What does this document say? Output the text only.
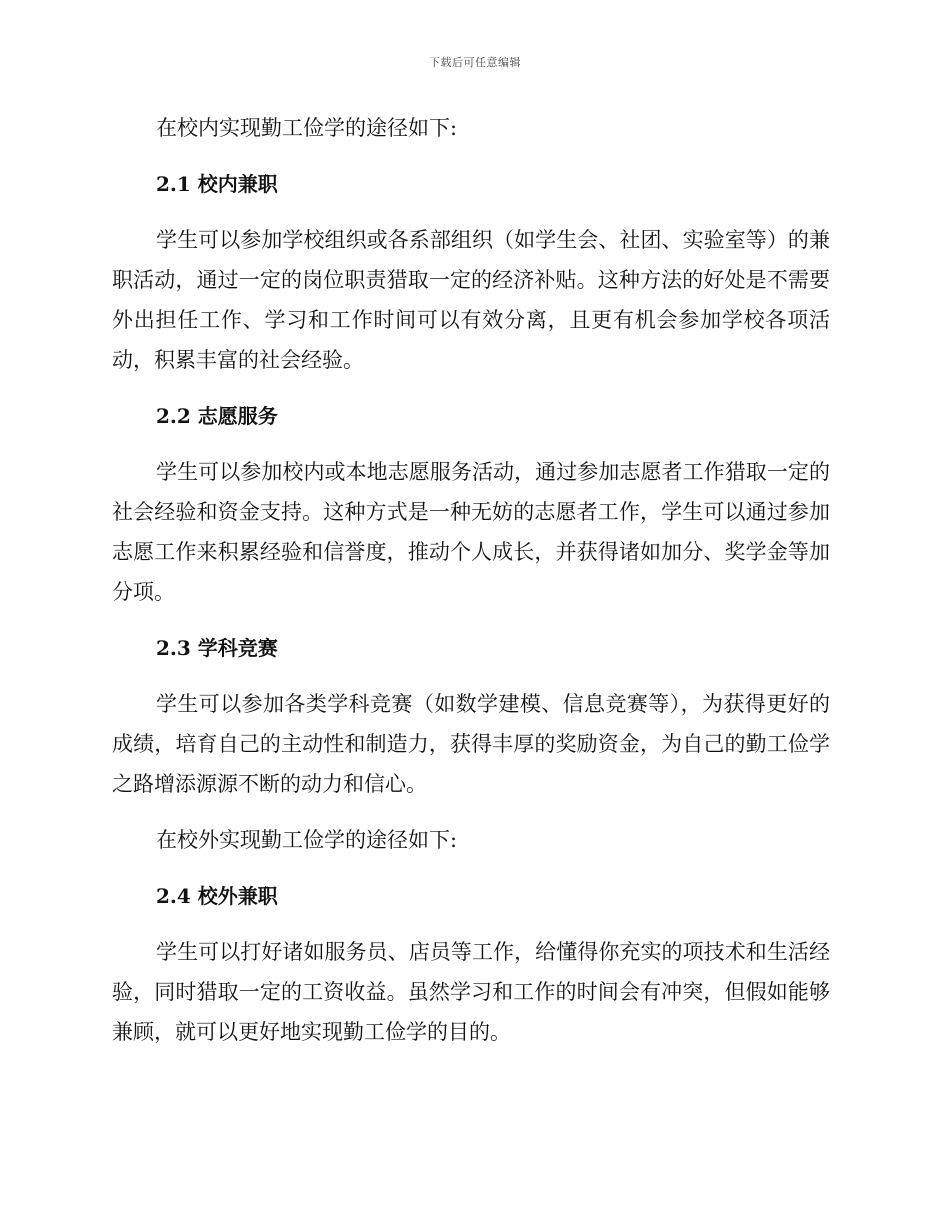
下载后可任意编辑

在校内实现勤工俭学的途径如下:

2.1 校内兼职

学生可以参加学校组织或各系部组织（如学生会、社团、实验室等）的兼职活动，通过一定的岗位职责猎取一定的经济补贴。这种方法的好处是不需要外出担任工作、学习和工作时间可以有效分离，且更有机会参加学校各项活动，积累丰富的社会经验。

2.2 志愿服务

学生可以参加校内或本地志愿服务活动，通过参加志愿者工作猎取一定的社会经验和资金支持。这种方式是一种无妨的志愿者工作，学生可以通过参加志愿工作来积累经验和信誉度，推动个人成长，并获得诸如加分、奖学金等加分项。

2.3 学科竞赛

学生可以参加各类学科竞赛（如数学建模、信息竞赛等），为获得更好的成绩，培育自己的主动性和制造力，获得丰厚的奖励资金，为自己的勤工俭学之路增添源源不断的动力和信心。

在校外实现勤工俭学的途径如下:

2.4 校外兼职

学生可以打好诸如服务员、店员等工作，给懂得你充实的项技术和生活经验，同时猎取一定的工资收益。虽然学习和工作的时间会有冲突，但假如能够兼顾，就可以更好地实现勤工俭学的目的。
